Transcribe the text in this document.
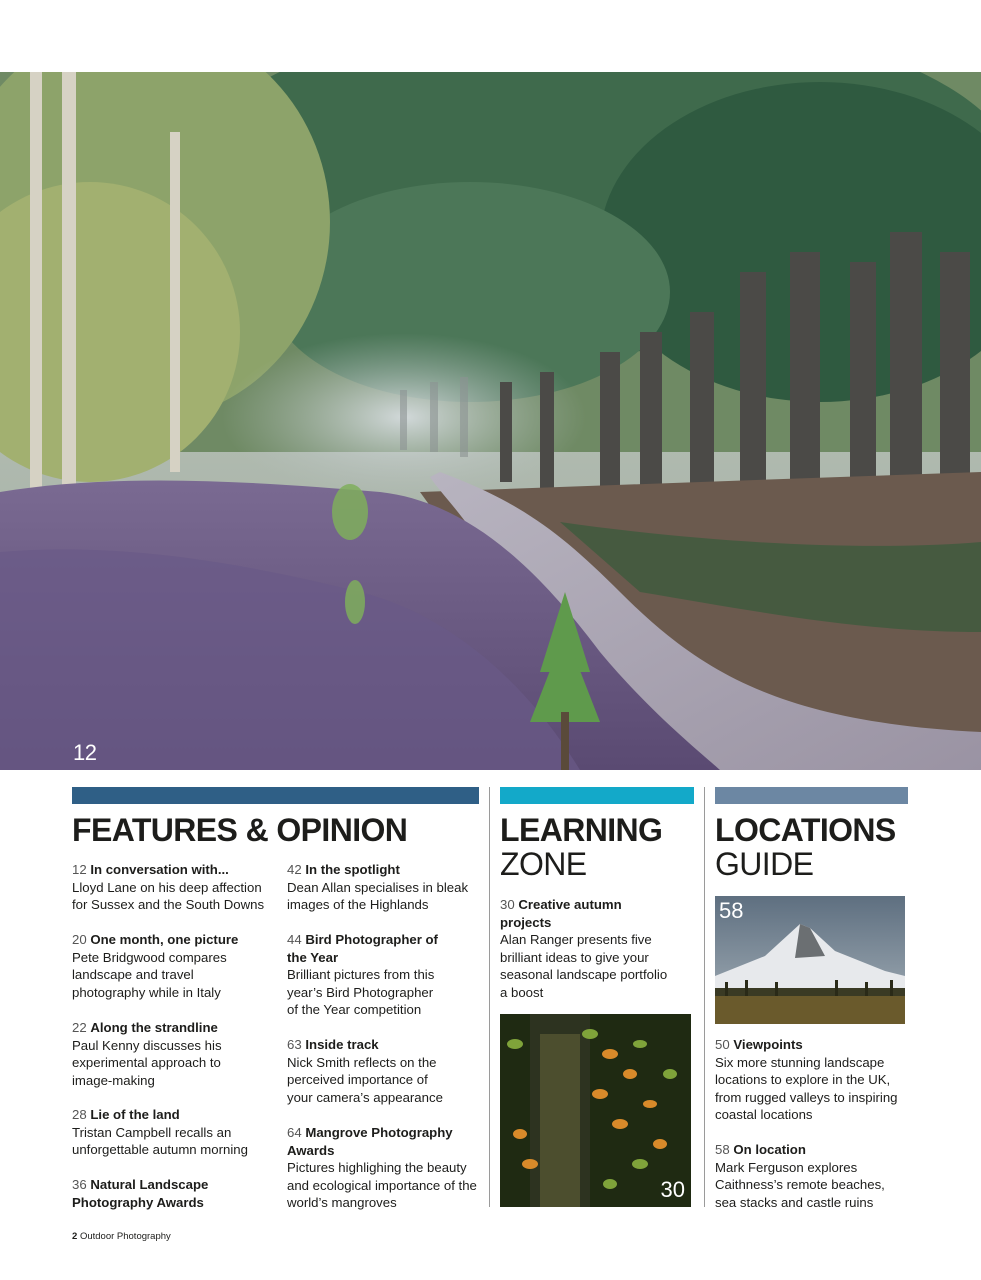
12
FEATURES & OPINION
12 In conversation with...
Lloyd Lane on his deep affection for Sussex and the South Downs
20 One month, one picture
Pete Bridgwood compares landscape and travel photography while in Italy
22 Along the strandline
Paul Kenny discusses his experimental approach to image-making
28 Lie of the land
Tristan Campbell recalls an unforgettable autumn morning
36 Natural Landscape Photography Awards
42 In the spotlight
Dean Allan specialises in bleak images of the Highlands
44 Bird Photographer of the Year
Brilliant pictures from this year’s Bird Photographer of the Year competition
63 Inside track
Nick Smith reflects on the perceived importance of your camera’s appearance
64 Mangrove Photography Awards
Pictures highlighing the beauty and ecological importance of the world’s mangroves
LEARNING
ZONE
30 Creative autumn projects
Alan Ranger presents five brilliant ideas to give your seasonal landscape portfolio a boost
30
LOCATIONS
GUIDE
58
50 Viewpoints
Six more stunning landscape locations to explore in the UK, from rugged valleys to inspiring coastal locations
58 On location
Mark Ferguson explores Caithness’s remote beaches, sea stacks and castle ruins
2 Outdoor Photography
